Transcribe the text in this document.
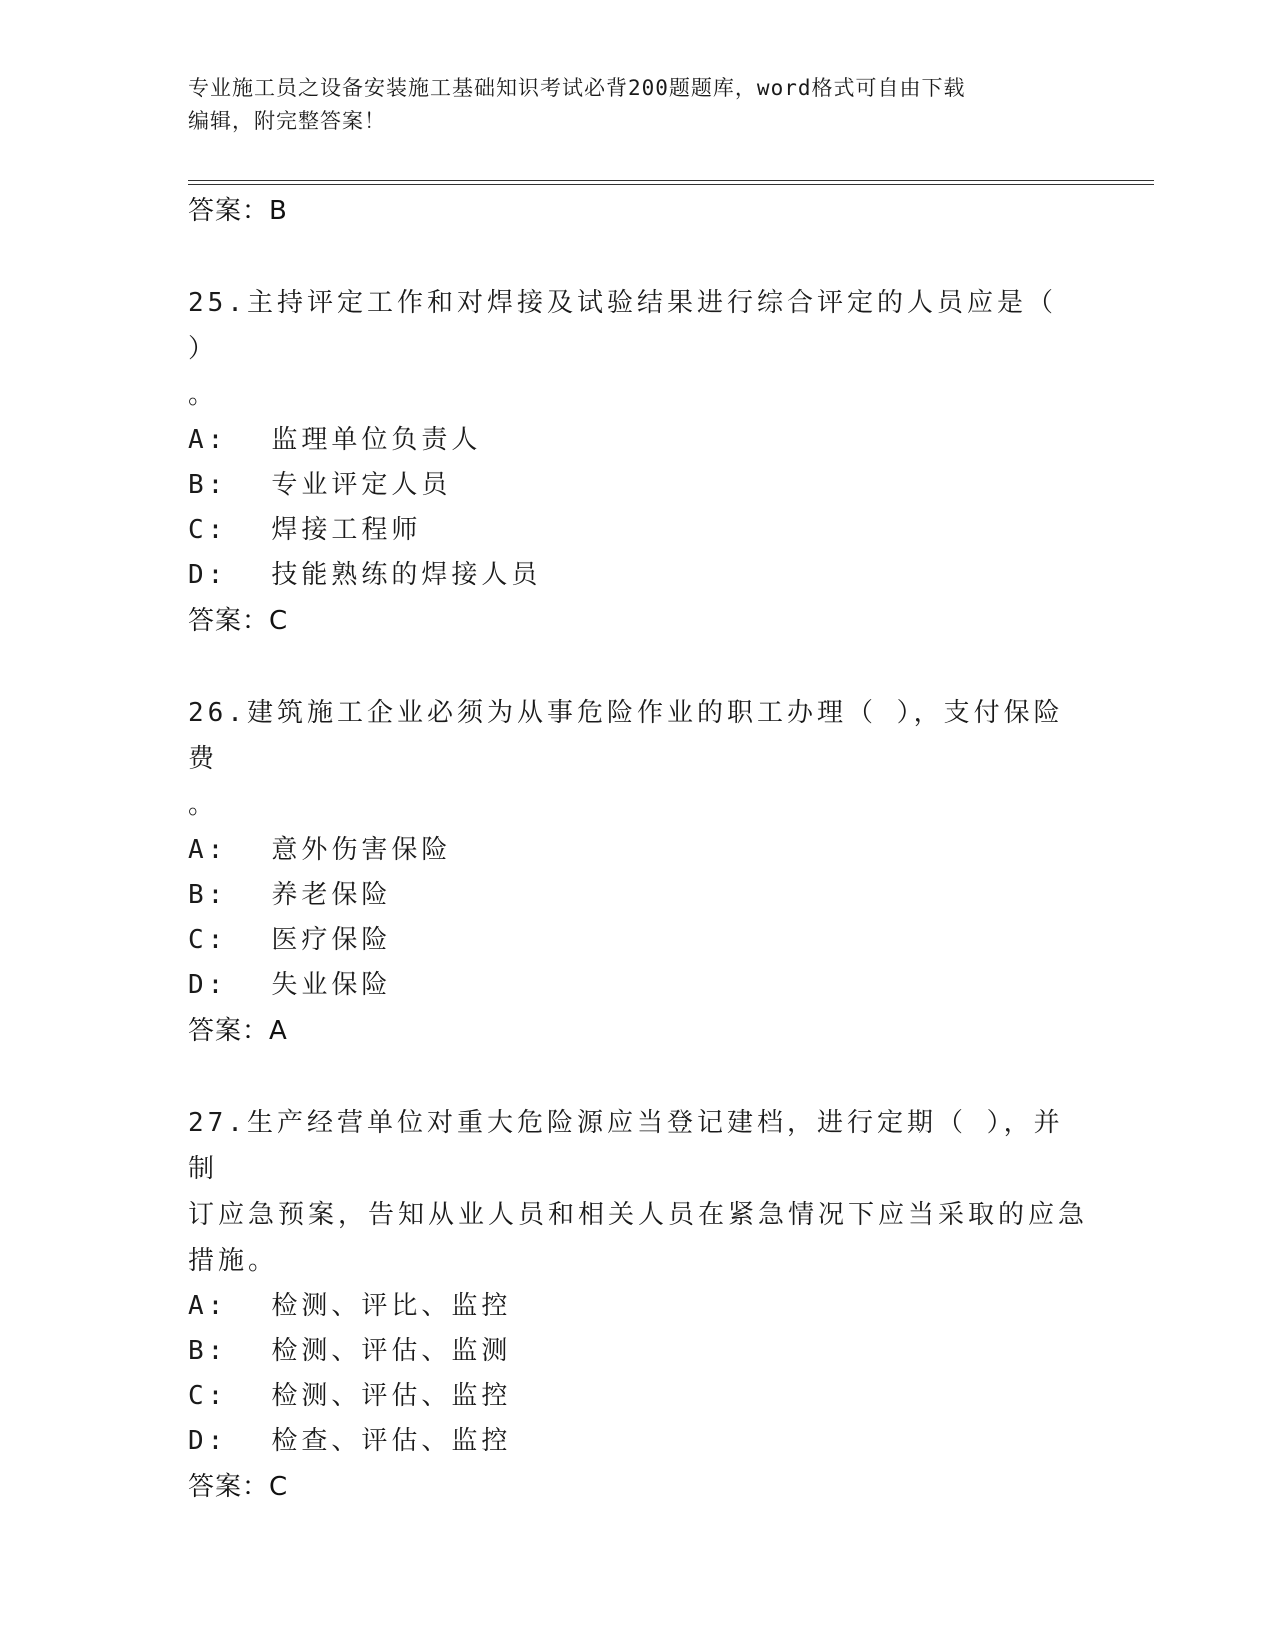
专业施工员之设备安装施工基础知识考试必背200题题库，word格式可自由下载
编辑，附完整答案！
答案：B
25.主持评定工作和对焊接及试验结果进行综合评定的人员应是（ ）
。
A: 监理单位负责人
B: 专业评定人员
C: 焊接工程师
D: 技能熟练的焊接人员
答案：C
26.建筑施工企业必须为从事危险作业的职工办理（ ），支付保险费
。
A: 意外伤害保险
B: 养老保险
C: 医疗保险
D: 失业保险
答案：A
27.生产经营单位对重大危险源应当登记建档，进行定期（ ），并制
订应急预案，告知从业人员和相关人员在紧急情况下应当采取的应急
措施。
A: 检测、评比、监控
B: 检测、评估、监测
C: 检测、评估、监控
D: 检查、评估、监控
答案：C
